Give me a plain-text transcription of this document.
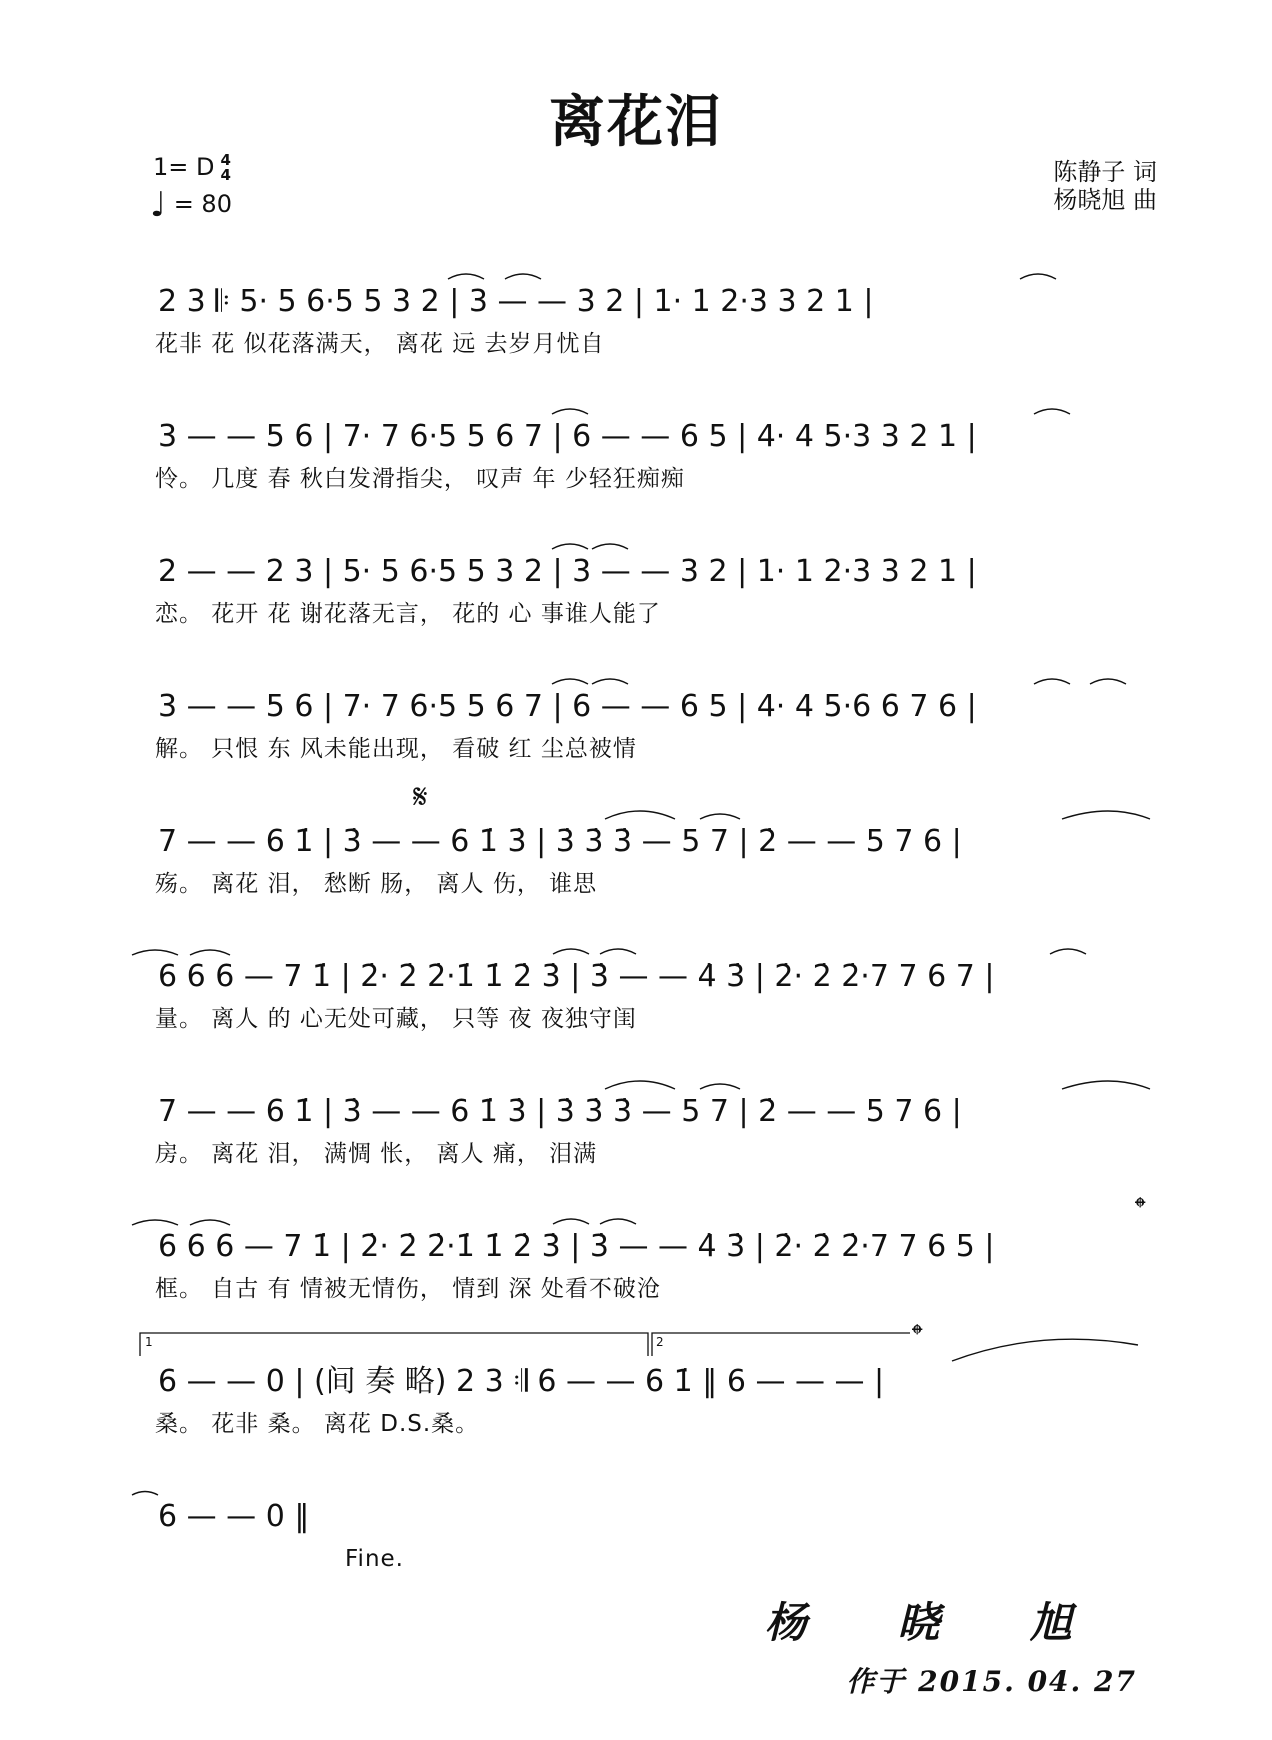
离花泪
1= D 4
4
♩ = 80
陈静子 词
杨晓旭 曲
1	2
𝄋
𝄌
𝄌
2 3 𝄆 5· 5 6·5 5 3 2 | 3 — — 3 2 | 1· 1 2·3 3 2 1 |
3 — — 5 6 | 7· 7 6·5 5 6 7 | 6 — — 6 5 | 4· 4 5·3 3 2 1 |
2 — — 2 3 | 5· 5 6·5 5 3 2 | 3 — — 3 2 | 1· 1 2·3 3 2 1 |
3 — — 5 6 | 7· 7 6·5 5 6 7 | 6 — — 6 5 | 4· 4 5·6 6 7 6 |
7 — — 6 1̇ | 3̇ — — 6 1̇ 3̇ | 3̇ 3̇ 3̇ — 5 7 | 2̇ — — 5 7 6 |
6 6 6 — 7 1̇ | 2̇· 2̇ 2̇·1̇ 1̇ 2̇ 3̇ | 3̇ — — 4̇ 3̇ | 2̇· 2̇ 2̇·7 7 6 7 |
7 — — 6 1̇ | 3̇ — — 6 1̇ 3̇ | 3̇ 3̇ 3̇ — 5 7 | 2̇ — — 5 7 6 |
6 6 6 — 7 1̇ | 2̇· 2̇ 2̇·1̇ 1̇ 2̇ 3̇ | 3̇ — — 4̇ 3̇ | 2̇· 2̇ 2̇·7 7 6 5 |
6 — — 0 | (间 奏 略) 2 3 𝄇 6 — — 6 1̇ ‖ 6 — — — |
6 — — 0 ‖
花非 花 似花落满天， 离花 远 去岁月忧自
怜。 几度 春 秋白发滑指尖， 叹声 年 少轻狂痴痴
恋。 花开 花 谢花落无言， 花的 心 事谁人能了
解。 只恨 东 风未能出现， 看破 红 尘总被情
殇。 离花 泪， 愁断 肠， 离人 伤， 谁思
量。 离人 的 心无处可藏， 只等 夜 夜独守闺
房。 离花 泪， 满惆 怅， 离人 痛， 泪满
框。 自古 有 情被无情伤， 情到 深 处看不破沧
桑。 花非 桑。 离花 D.S.桑。
Fine.
杨 晓 旭
作于 2015. 04. 27
